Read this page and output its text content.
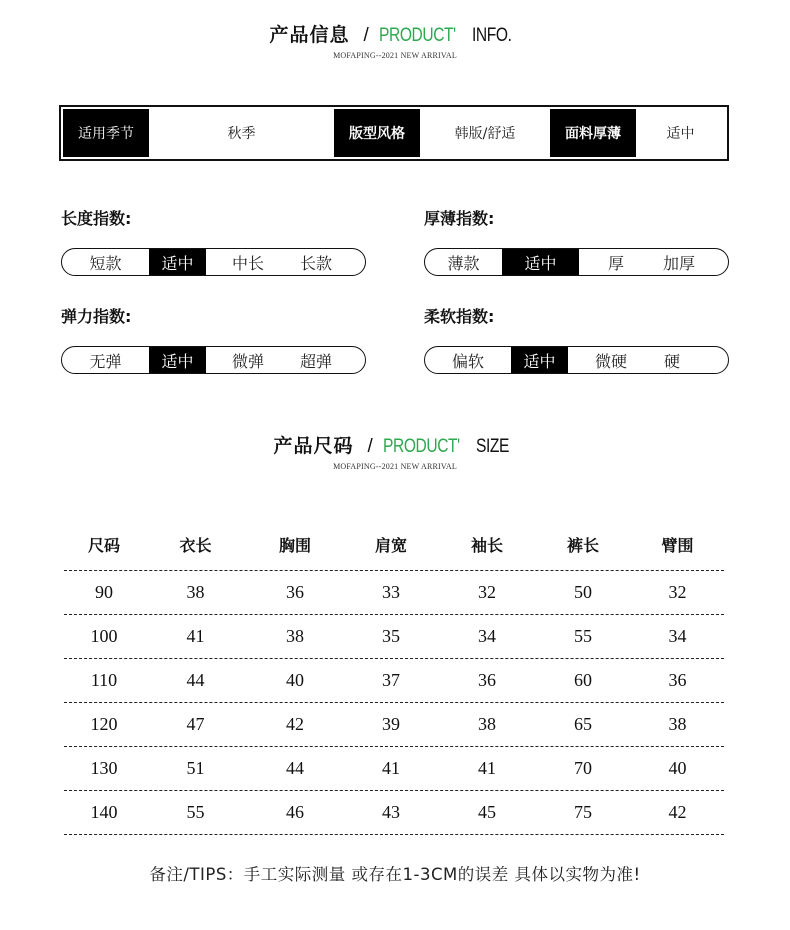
产品信息 / PRODUCT' INFO.
MOFAPING--2021 NEW ARRIVAL
适用季节	秋季	版型风格	韩版/舒适	面料厚薄	适中
长度指数:
短款	适中	中长	长款
厚薄指数:
薄款	适中	厚	加厚
弹力指数:
无弹	适中	微弹	超弹
柔软指数:
偏软	适中	微硬	硬
产品尺码 / PRODUCT' SIZE
MOFAPING--2021 NEW ARRIVAL
尺码	衣长	胸围	肩宽	袖长	裤长	臂围
90	38	36	33	32	50	32
100	41	38	35	34	55	34
110	44	40	37	36	60	36
120	47	42	39	38	65	38
130	51	44	41	41	70	40
140	55	46	43	45	75	42
备注/TIPS：手工实际测量 或存在1-3CM的误差 具体以实物为准!
